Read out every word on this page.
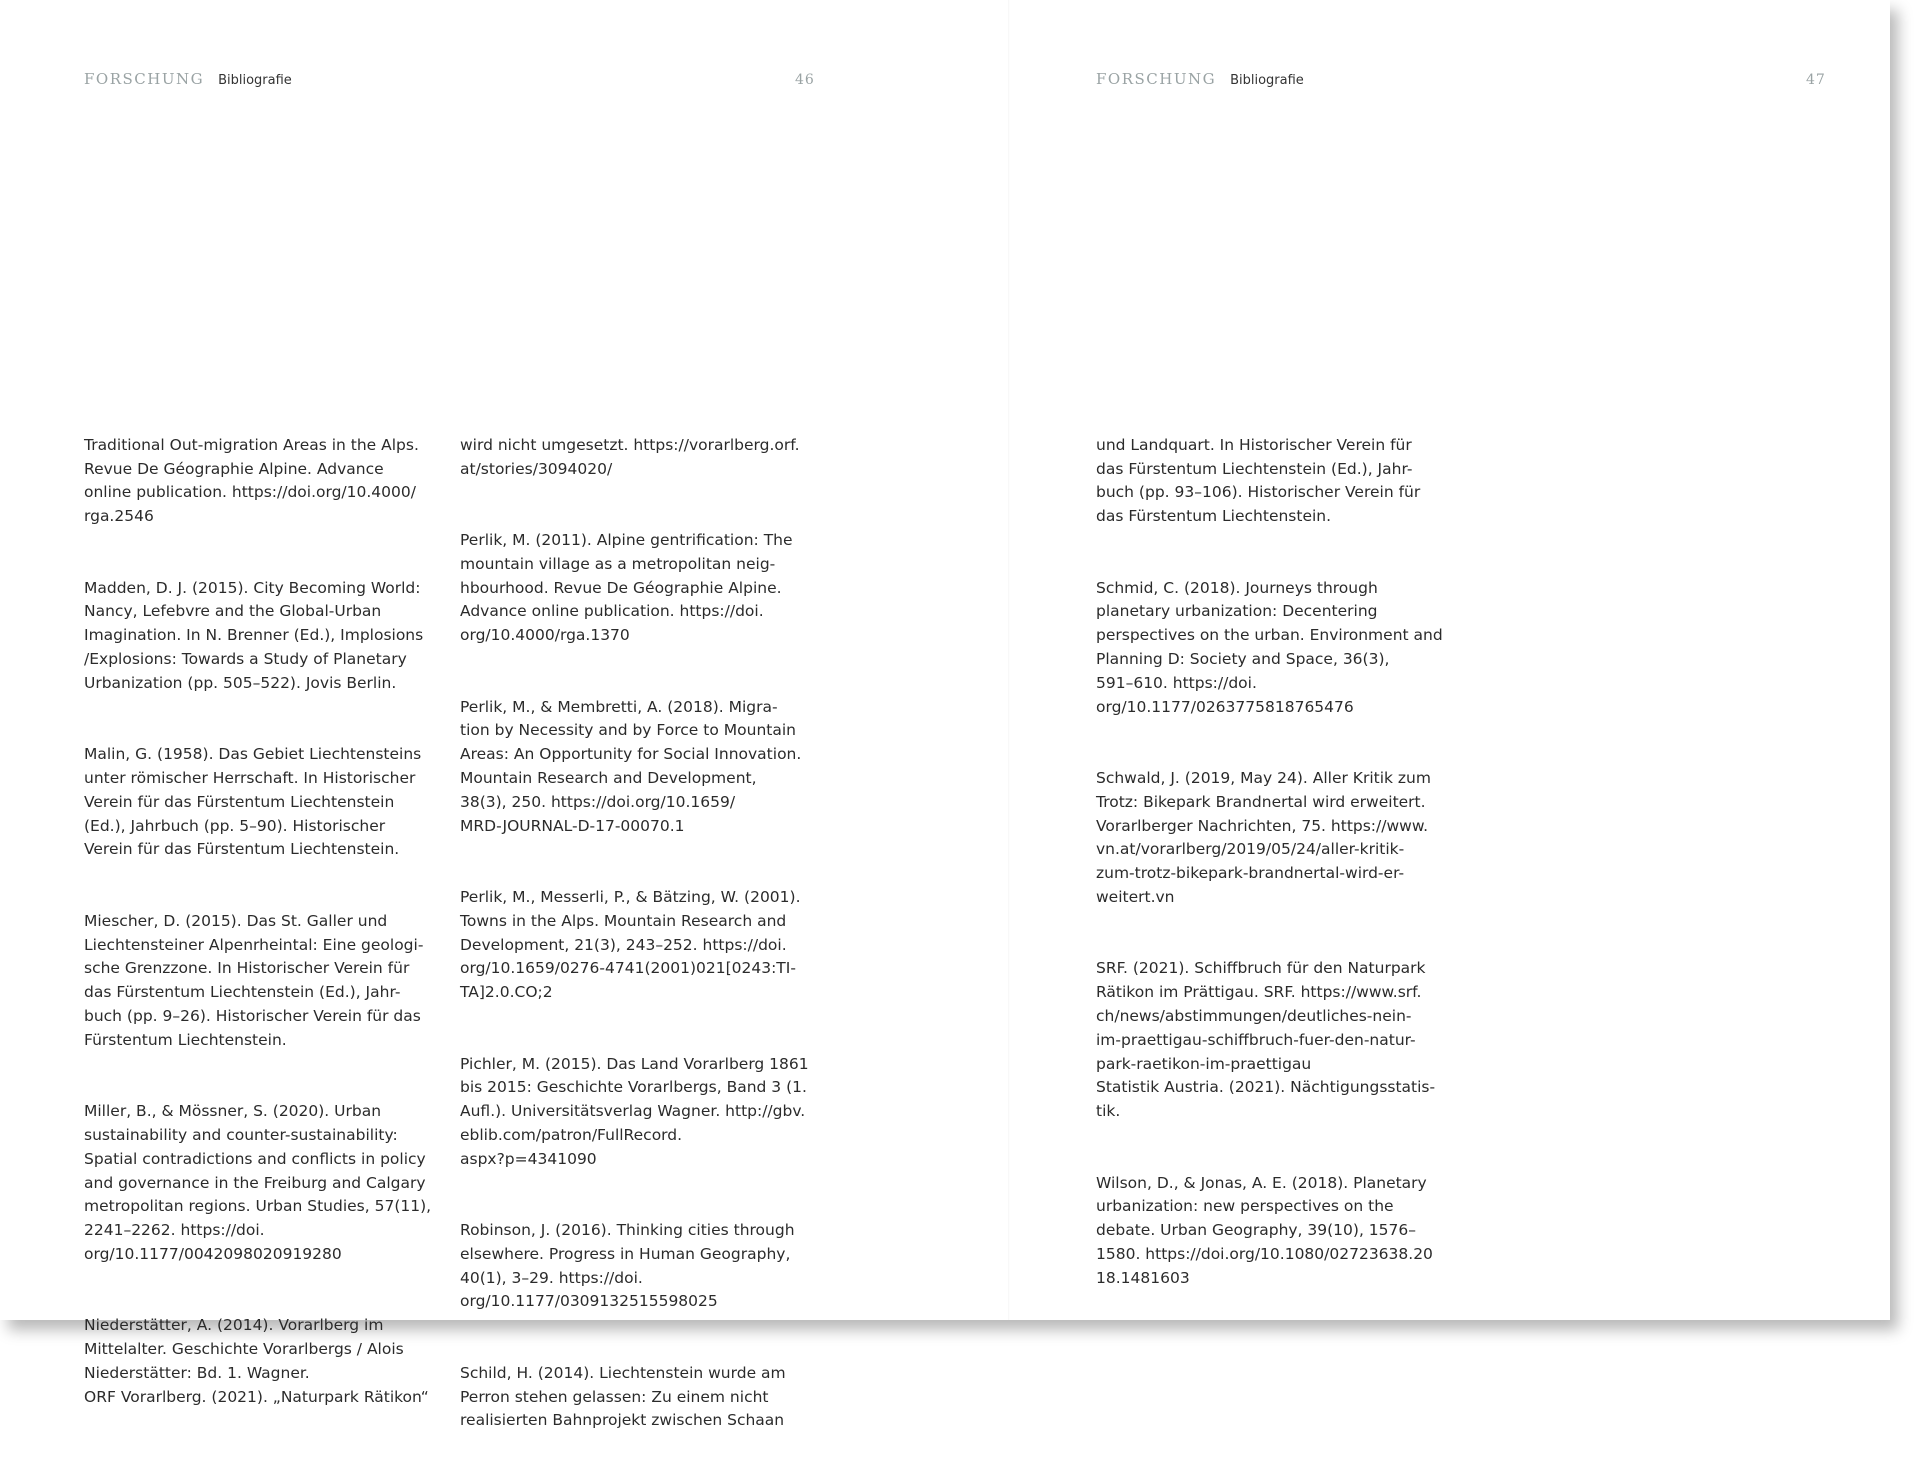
FORSCHUNG Bibliografie	46

Traditional Out-migration Areas in the Alps.
Revue De Géographie Alpine. Advance
online publication. https://doi.org/10.4000/
rga.2546

Madden, D. J. (2015). City Becoming World:
Nancy, Lefebvre and the Global-Urban
Imagination. In N. Brenner (Ed.), Implosions
/Explosions: Towards a Study of Planetary
Urbanization (pp. 505–522). Jovis Berlin.

Malin, G. (1958). Das Gebiet Liechtensteins
unter römischer Herrschaft. In Historischer
Verein für das Fürstentum Liechtenstein
(Ed.), Jahrbuch (pp. 5–90). Historischer
Verein für das Fürstentum Liechtenstein.

Miescher, D. (2015). Das St. Galler und
Liechtensteiner Alpenrheintal: Eine geologi-
sche Grenzzone. In Historischer Verein für
das Fürstentum Liechtenstein (Ed.), Jahr-
buch (pp. 9–26). Historischer Verein für das
Fürstentum Liechtenstein.

Miller, B., & Mössner, S. (2020). Urban
sustainability and counter-sustainability:
Spatial contradictions and conflicts in policy
and governance in the Freiburg and Calgary
metropolitan regions. Urban Studies, 57(11),
2241–2262. https://doi.
org/10.1177/0042098020919280

Niederstätter, A. (2014). Vorarlberg im
Mittelalter. Geschichte Vorarlbergs / Alois
Niederstätter: Bd. 1. Wagner.
ORF Vorarlberg. (2021). „Naturpark Rätikon“

wird nicht umgesetzt. https://vorarlberg.orf.
at/stories/3094020/

Perlik, M. (2011). Alpine gentrification: The
mountain village as a metropolitan neig-
hbourhood. Revue De Géographie Alpine.
Advance online publication. https://doi.
org/10.4000/rga.1370

Perlik, M., & Membretti, A. (2018). Migra-
tion by Necessity and by Force to Mountain
Areas: An Opportunity for Social Innovation.
Mountain Research and Development,
38(3), 250. https://doi.org/10.1659/
MRD-JOURNAL-D-17-00070.1

Perlik, M., Messerli, P., & Bätzing, W. (2001).
Towns in the Alps. Mountain Research and
Development, 21(3), 243–252. https://doi.
org/10.1659/0276-4741(2001)021[0243:TI-
TA]2.0.CO;2

Pichler, M. (2015). Das Land Vorarlberg 1861
bis 2015: Geschichte Vorarlbergs, Band 3 (1.
Aufl.). Universitätsverlag Wagner. http://gbv.
eblib.com/patron/FullRecord.
aspx?p=4341090

Robinson, J. (2016). Thinking cities through
elsewhere. Progress in Human Geography,
40(1), 3–29. https://doi.
org/10.1177/0309132515598025

Schild, H. (2014). Liechtenstein wurde am
Perron stehen gelassen: Zu einem nicht
realisierten Bahnprojekt zwischen Schaan

FORSCHUNG Bibliografie	47

und Landquart. In Historischer Verein für
das Fürstentum Liechtenstein (Ed.), Jahr-
buch (pp. 93–106). Historischer Verein für
das Fürstentum Liechtenstein.

Schmid, C. (2018). Journeys through
planetary urbanization: Decentering
perspectives on the urban. Environment and
Planning D: Society and Space, 36(3),
591–610. https://doi.
org/10.1177/0263775818765476

Schwald, J. (2019, May 24). Aller Kritik zum
Trotz: Bikepark Brandnertal wird erweitert.
Vorarlberger Nachrichten, 75. https://www.
vn.at/vorarlberg/2019/05/24/aller-kritik-
zum-trotz-bikepark-brandnertal-wird-er-
weitert.vn

SRF. (2021). Schiffbruch für den Naturpark
Rätikon im Prättigau. SRF. https://www.srf.
ch/news/abstimmungen/deutliches-nein-
im-praettigau-schiffbruch-fuer-den-natur-
park-raetikon-im-praettigau
Statistik Austria. (2021). Nächtigungsstatis-
tik.

Wilson, D., & Jonas, A. E. (2018). Planetary
urbanization: new perspectives on the
debate. Urban Geography, 39(10), 1576–
1580. https://doi.org/10.1080/02723638.20
18.1481603
